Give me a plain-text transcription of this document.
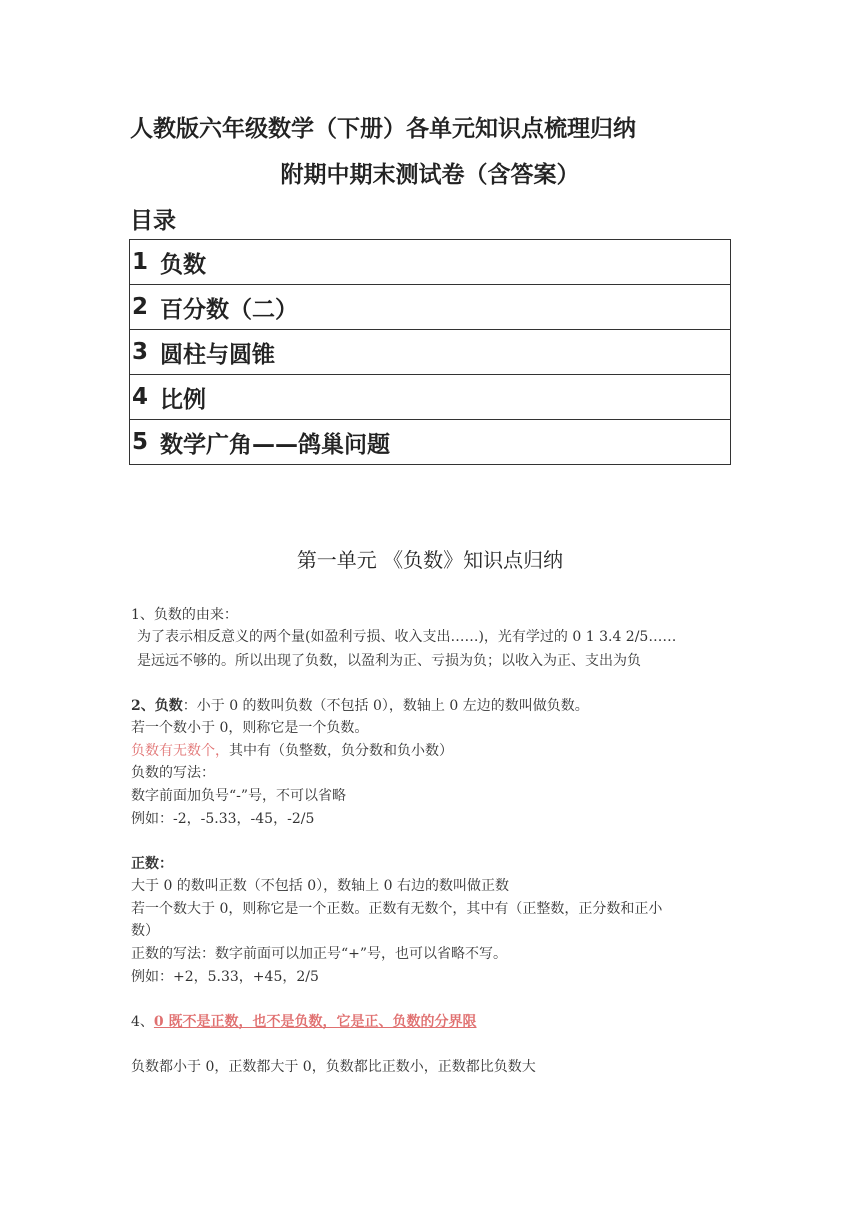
人教版六年级数学（下册）各单元知识点梳理归纳
附期中期末测试卷（含答案）
目录
1 负数
2 百分数（二）
3 圆柱与圆锥
4 比例
5 数学广角——鸽巢问题
第一单元 《负数》知识点归纳
1、负数的由来：
为了表示相反意义的两个量(如盈利亏损、收入支出……)，光有学过的 0 1 3.4 2/5……
是远远不够的。所以出现了负数，以盈利为正、亏损为负；以收入为正、支出为负
2、负数：小于 0 的数叫负数（不包括 0），数轴上 0 左边的数叫做负数。
若一个数小于 0，则称它是一个负数。
负数有无数个，其中有（负整数，负分数和负小数）
负数的写法：
数字前面加负号“-”号，不可以省略
例如：-2，-5.33，-45，-2/5
正数：
大于 0 的数叫正数（不包括 0），数轴上 0 右边的数叫做正数
若一个数大于 0，则称它是一个正数。正数有无数个，其中有（正整数，正分数和正小
数）
正数的写法：数字前面可以加正号“+”号，也可以省略不写。
例如：+2，5.33，+45，2/5
4、0 既不是正数，也不是负数，它是正、负数的分界限
负数都小于 0，正数都大于 0，负数都比正数小，正数都比负数大
